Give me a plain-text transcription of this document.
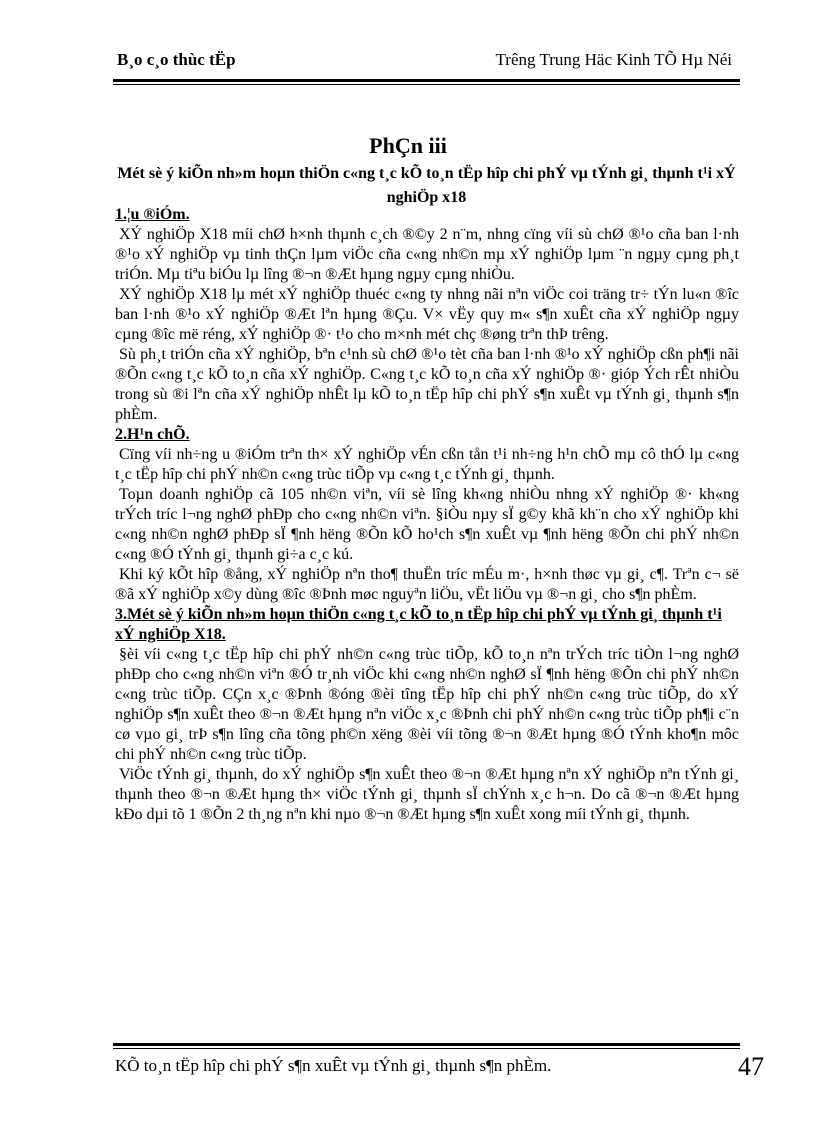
B¸o c¸o thùc tËp	Trêng Trung Häc Kinh TÕ Hµ Néi
PhÇn iii
Mét sè ý kiÕn nh»m hoµn thiÖn c«ng t¸c kÕ to¸n tËp hîp chi phÝ vµ tÝnh gi¸ thµnh t¹i xÝ nghiÖp x18
1.¦u ®iÓm.

XÝ nghiÖp X18 míi chØ h×nh thµnh c¸ch ®©y 2 n¨m, nhng cïng víi sù chØ ®¹o cña ban l·nh ®¹o xÝ nghiÖp vµ tinh thÇn lµm viÖc cña c«ng nh©n mµ xÝ nghiÖp lµm ¨n ngµy cµng ph¸t triÓn. Mµ tiªu biÓu lµ lîng ®¬n ®Æt hµng ngµy cµng nhiÒu.

XÝ nghiÖp X18 lµ mét xÝ nghiÖp thuéc c«ng ty nhng nãi nªn viÖc coi träng tr÷ tÝn lu«n ®îc ban l·nh ®¹o xÝ nghiÖp ®Æt lªn hµng ®Çu. V× vËy quy m« s¶n xuÊt cña xÝ nghiÖp ngµy cµng ®îc më réng, xÝ nghiÖp ®· t¹o cho m×nh mét chç ®øng trªn thÞ trêng.

Sù ph¸t triÓn cña xÝ nghiÖp, bªn c¹nh sù chØ ®¹o tèt cña ban l·nh ®¹o xÝ nghiÖp cßn ph¶i nãi ®Õn c«ng t¸c kÕ to¸n cña xÝ nghiÖp. C«ng t¸c kÕ to¸n cña xÝ nghiÖp ®· gióp Ých rÊt nhiÒu trong sù ®i lªn cña xÝ nghiÖp nhÊt lµ kÕ to¸n tËp hîp chi phÝ s¶n xuÊt vµ tÝnh gi¸ thµnh s¶n phÈm.

2.H¹n chÕ.

Cïng víi nh÷ng u ®iÓm trªn th× xÝ nghiÖp vÉn cßn tån t¹i nh÷ng h¹n chÕ mµ cô thÓ lµ c«ng t¸c tËp hîp chi phÝ nh©n c«ng trùc tiÕp vµ c«ng t¸c tÝnh gi¸ thµnh.

Toµn doanh nghiÖp cã 105 nh©n viªn, víi sè lîng kh«ng nhiÒu nhng xÝ nghiÖp ®· kh«ng trÝch tríc l¬ng nghØ phÐp cho c«ng nh©n viªn. §iÒu nµy sÏ g©y khã kh¨n cho xÝ nghiÖp khi c«ng nh©n nghØ phÐp sÏ ¶nh hëng ®Õn kÕ ho¹ch s¶n xuÊt vµ ¶nh hëng ®Õn chi phÝ nh©n c«ng ®Ó tÝnh gi¸ thµnh gi÷a c¸c kú.

Khi ký kÕt hîp ®ång, xÝ nghiÖp nªn tho¶ thuËn tríc mÉu m·, h×nh thøc vµ gi¸ c¶. Trªn c¬ së ®ã xÝ nghiÖp x©y dùng ®îc ®Þnh møc nguyªn liÖu, vËt liÖu vµ ®¬n gi¸ cho s¶n phÈm.

3.Mét sè ý kiÕn nh»m hoµn thiÖn c«ng t¸c kÕ to¸n tËp hîp chi phÝ vµ tÝnh gi¸ thµnh t¹i xÝ nghiÖp X18.

§èi víi c«ng t¸c tËp hîp chi phÝ nh©n c«ng trùc tiÕp, kÕ to¸n nªn trÝch tríc tiÒn l¬ng nghØ phÐp cho c«ng nh©n viªn ®Ó tr¸nh viÖc khi c«ng nh©n nghØ sÏ ¶nh hëng ®Õn chi phÝ nh©n c«ng trùc tiÕp. CÇn x¸c ®Þnh ®óng ®èi tîng tËp hîp chi phÝ nh©n c«ng trùc tiÕp, do xÝ nghiÖp s¶n xuÊt theo ®¬n ®Æt hµng nªn viÖc x¸c ®Þnh chi phÝ nh©n c«ng trùc tiÕp ph¶i c¨n cø vµo gi¸ trÞ s¶n lîng cña tõng ph©n xëng ®èi víi tõng ®¬n ®Æt hµng ®Ó tÝnh kho¶n môc chi phÝ nh©n c«ng trùc tiÕp.

ViÖc tÝnh gi¸ thµnh, do xÝ nghiÖp s¶n xuÊt theo ®¬n ®Æt hµng nªn xÝ nghiÖp nªn tÝnh gi¸ thµnh theo ®¬n ®Æt hµng th× viÖc tÝnh gi¸ thµnh sÏ chÝnh x¸c h¬n. Do cã ®¬n ®Æt hµng kÐo dµi tõ 1 ®Õn 2 th¸ng nªn khi nµo ®¬n ®Æt hµng s¶n xuÊt xong míi tÝnh gi¸ thµnh.

KÕ to¸n tËp hîp chi phÝ s¶n xuÊt vµ tÝnh gi¸ thµnh s¶n phÈm.	47
